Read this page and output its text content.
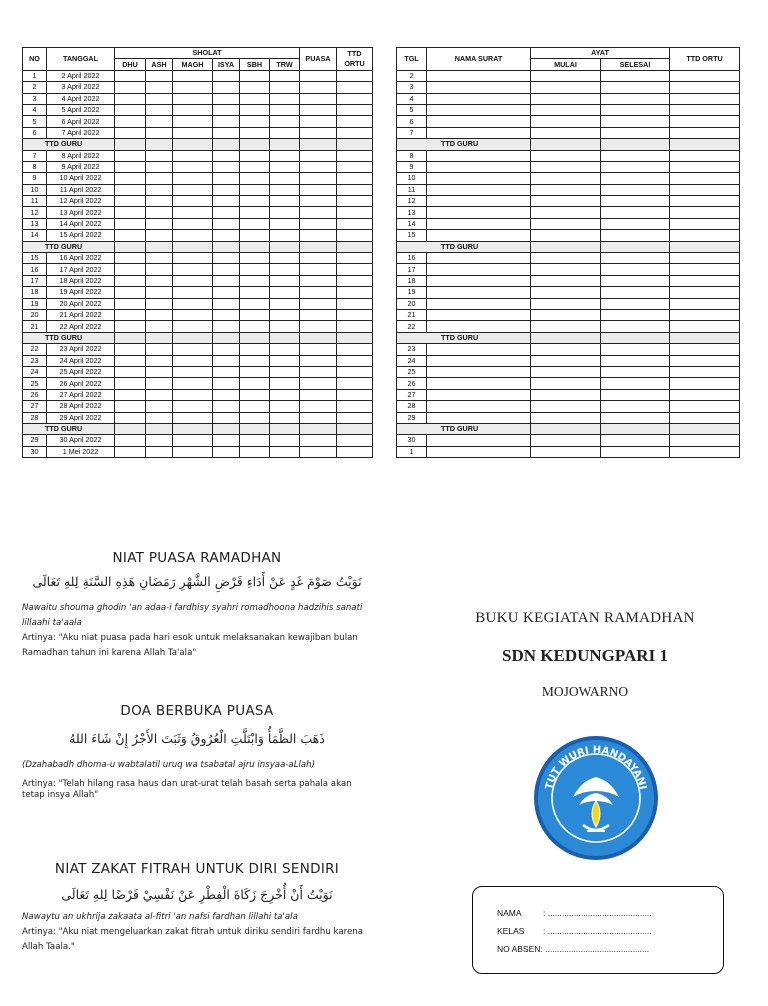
NO	TANGGAL	SHOLAT						PUASA	TTD ORTU
		DHU	ASH	MAGH	ISYA	SBH	TRW		
1	2 April 2022								
2	3 April 2022								
3	4 April 2022								
4	5 April 2022								
5	6 April 2022								
6	7 April 2022								
TTD GURU									
7	8 April 2022								
8	9 April 2022								
9	10 April 2022								
10	11 April 2022								
11	12 April 2022								
12	13 April 2022								
13	14 April 2022								
14	15 April 2022								
TTD GURU									
15	16 April 2022								
16	17 April 2022								
17	18 April 2022								
18	19 April 2022								
19	20 April 2022								
20	21 April 2022								
21	22 April 2022								
TTD GURU									
22	23 April 2022								
23	24 April 2022								
24	25 April 2022								
25	26 April 2022								
26	27 April 2022								
27	28 April 2022								
28	29 April 2022								
TTD GURU									
29	30 April 2022								
30	1 Mei 2022								
TGL	NAMA SURAT	AYAT		TTD ORTU
		MULAI	SELESAI	
2				
3				
4				
5				
6				
7				
TTD GURU				
8				
9				
10				
11				
12				
13				
14				
15				
TTD GURU				
16				
17				
18				
19				
20				
21				
22				
TTD GURU				
23				
24				
25				
26				
27				
28				
29				
TTD GURU				
30				
1				
NIAT PUASA RAMADHAN
نَوَيْتُ صَوْمَ غَدٍ عَنْ أَدَاءِ فَرْضِ الشَّهْرِ رَمَضَانِ هَذِهِ السَّنَةِ لِلهِ تَعَالَى
Nawaitu shouma ghodin 'an adaa-i fardhisy syahri romadhoona hadzihis sanati lillaahi ta'aala
Artinya: "Aku niat puasa pada hari esok untuk melaksanakan kewajiban bulan Ramadhan tahun ini karena Allah Ta'ala"
DOA BERBUKA PUASA
ذَهَبَ الظَّمَأُ وَابْتَلَّتِ الْعُرُوقُ وَثَبَتَ الأَجْرُ إِنْ شَاءَ اللهُ
(Dzahabadh dhoma-u wabtalatil uruq wa tsabatal ajru insyaa-aLlah)
Artinya: "Telah hilang rasa haus dan urat-urat telah basah serta pahala akan tetap insya Allah"
NIAT ZAKAT FITRAH UNTUK DIRI SENDIRI
نَوَيْتُ أَنْ أُخْرِجَ زَكَاةَ الْفِطْرِ عَنْ نَفْسِيْ فَرْضًا لِلهِ تَعَالَى
Nawaytu an ukhrija zakaata al-fitri 'an nafsi fardhan lillahi ta'ala
Artinya: "Aku niat mengeluarkan zakat fitrah untuk diriku sendiri fardhu karena Allah Taala."
BUKU KEGIATAN RAMADHAN
SDN KEDUNGPARI 1
MOJOWARNO
TUT WURI HANDAYANI
NAMA	: ............................................
KELAS : ............................................
NO ABSEN: ............................................
